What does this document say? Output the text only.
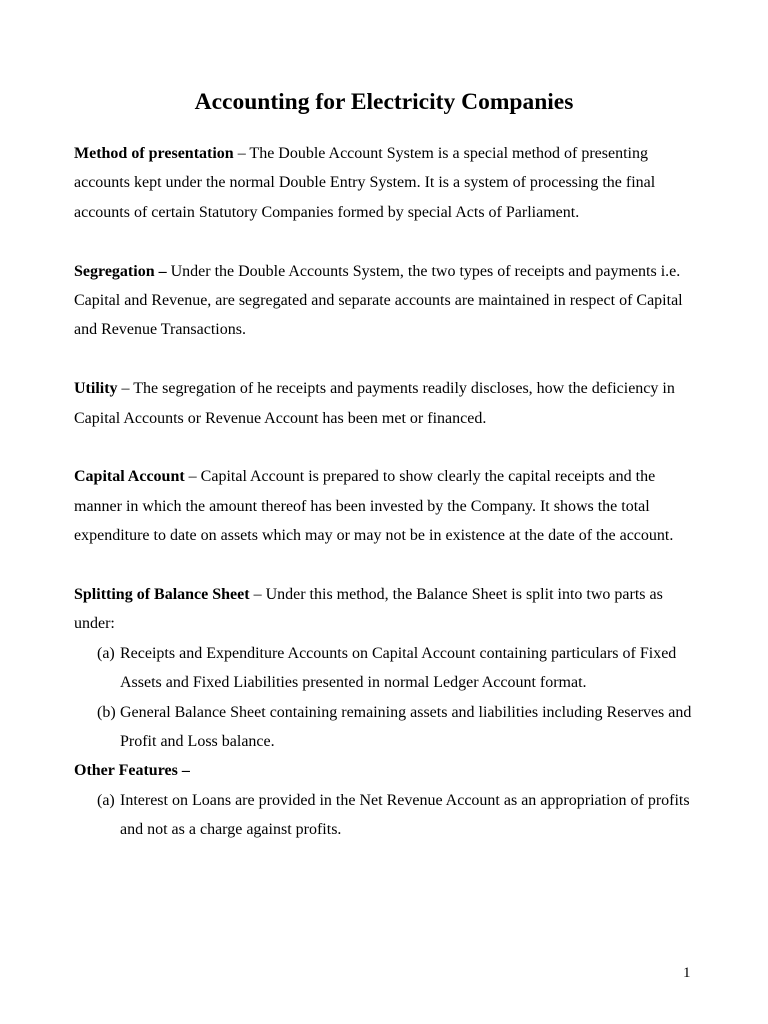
Accounting for Electricity Companies

Method of presentation – The Double Account System is a special method of presenting accounts kept under the normal Double Entry System. It is a system of processing the final accounts of certain Statutory Companies formed by special Acts of Parliament.

Segregation – Under the Double Accounts System, the two types of receipts and payments i.e. Capital and Revenue, are segregated and separate accounts are maintained in respect of Capital and Revenue Transactions.

Utility – The segregation of he receipts and payments readily discloses, how the deficiency in Capital Accounts or Revenue Account has been met or financed.

Capital Account – Capital Account is prepared to show clearly the capital receipts and the manner in which the amount thereof has been invested by the Company. It shows the total expenditure to date on assets which may or may not be in existence at the date of the account.

Splitting of Balance Sheet – Under this method, the Balance Sheet is split into two parts as under:

(a) Receipts and Expenditure Accounts on Capital Account containing particulars of Fixed Assets and Fixed Liabilities presented in normal Ledger Account format.
(b) General Balance Sheet containing remaining assets and liabilities including Reserves and Profit and Loss balance.

Other Features –

(a) Interest on Loans are provided in the Net Revenue Account as an appropriation of profits and not as a charge against profits.
1
